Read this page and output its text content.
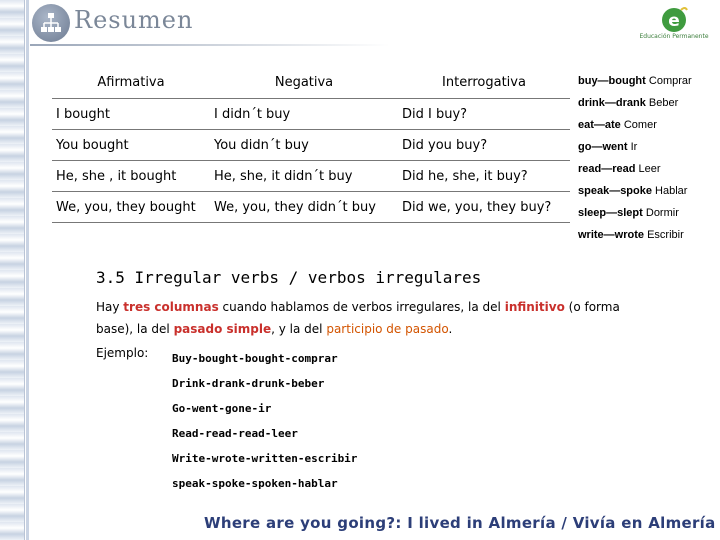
Resumen	e
Educación Permanente
Afirmativa	Negativa	Interrogativa
I bought	I didn´t buy	Did I buy?
You bought	You didn´t buy	Did you buy?
He, she , it bought	He, she, it didn´t buy	Did he, she, it buy?
We, you, they bought	We, you, they didn´t buy	Did we, you, they buy?
buy—bought Comprar
drink—drank Beber
eat—ate Comer
go—went Ir
read—read Leer
speak—spoke Hablar
sleep—slept Dormir
write—wrote Escribir
3.5 Irregular verbs / verbos irregulares
Hay tres columnas cuando hablamos de verbos irregulares, la del infinitivo (o forma base), la del pasado simple, y la del participio de pasado.
Ejemplo: Buy-bought-bought-comprar
Drink-drank-drunk-beber
Go-went-gone-ir
Read-read-read-leer
Write-wrote-written-escribir
speak-spoke-spoken-hablar
Where are you going?: I lived in Almería / Vivía en Almería
